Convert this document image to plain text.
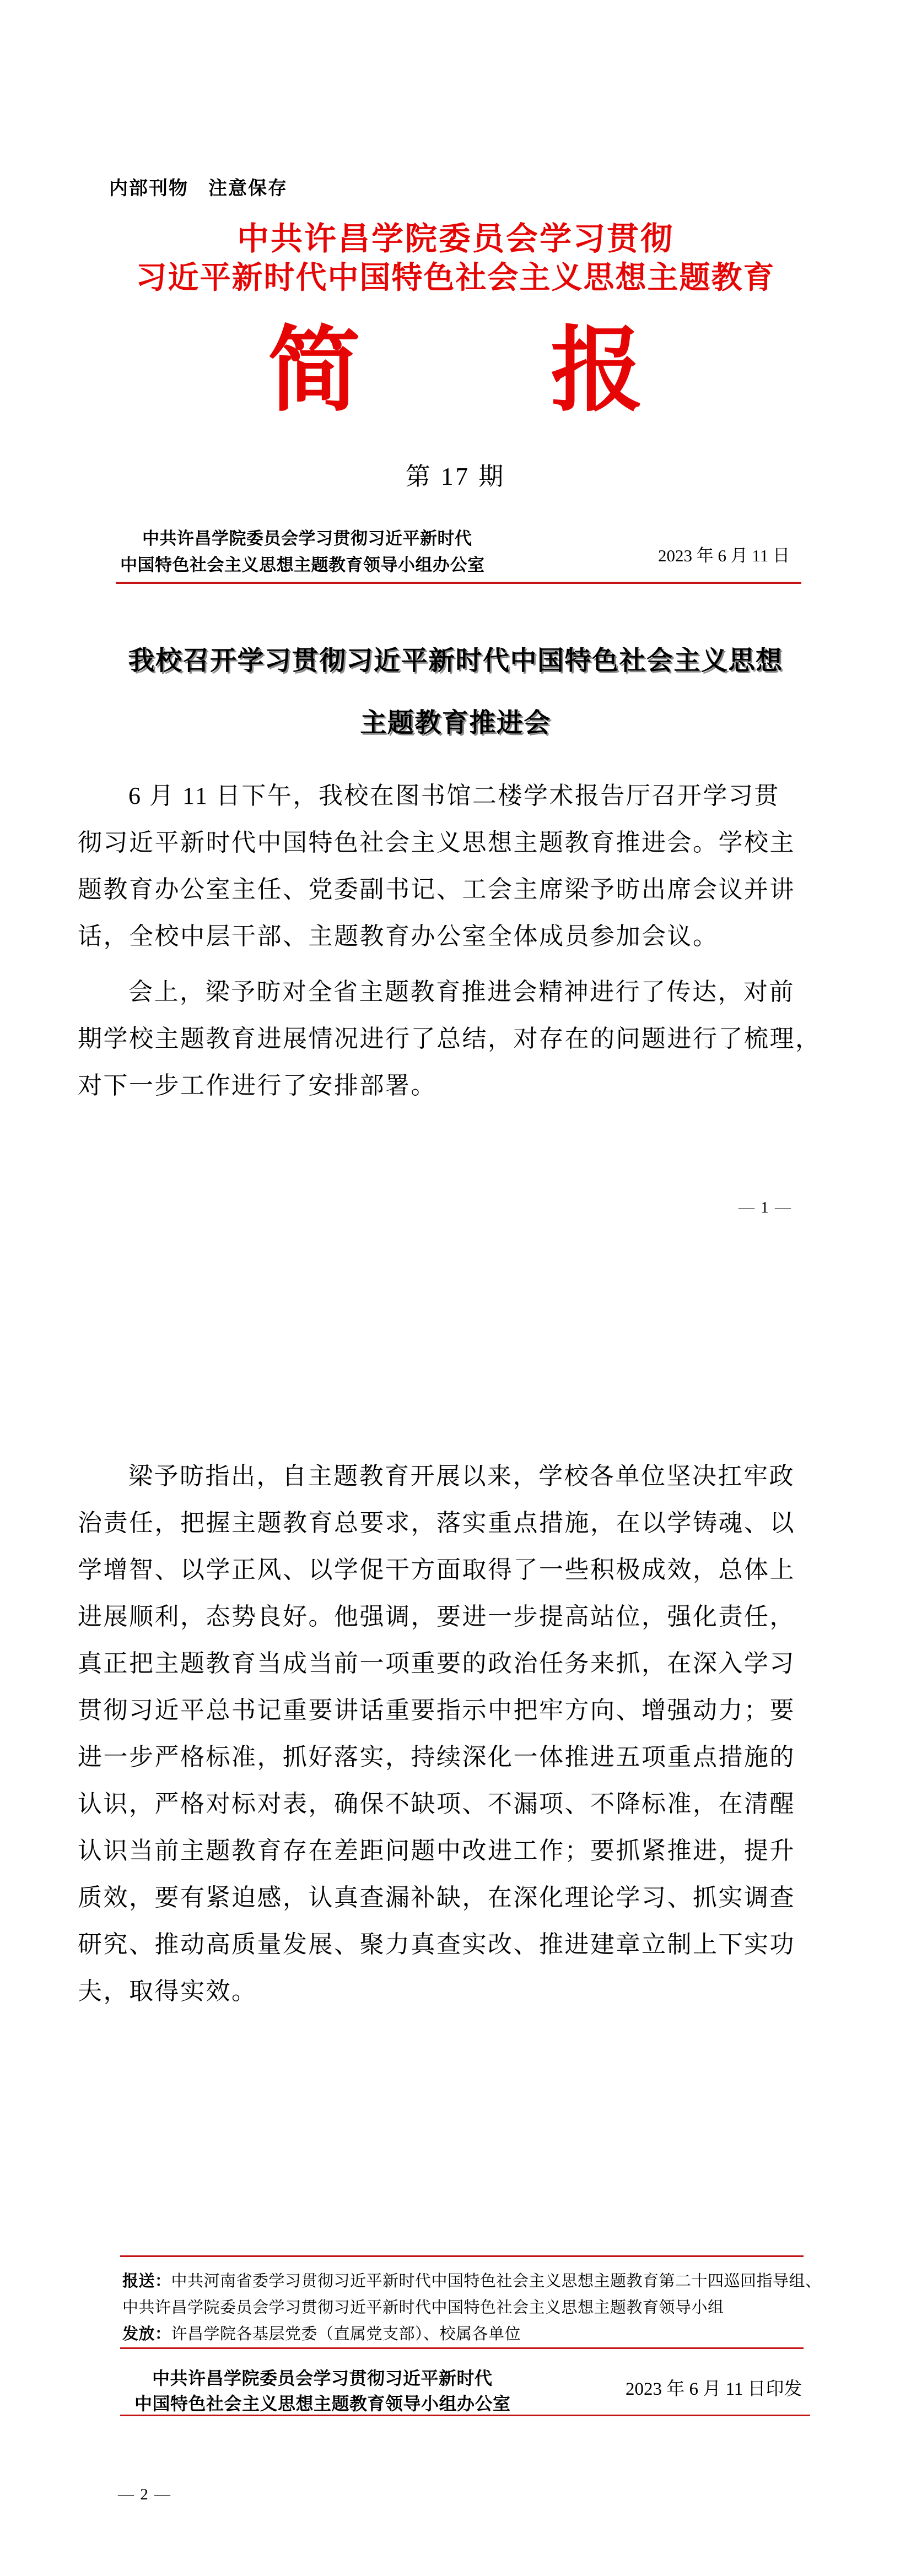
内部刊物　注意保存
中共许昌学院委员会学习贯彻
习近平新时代中国特色社会主义思想主题教育
简 报
第 17 期
中共许昌学院委员会学习贯彻习近平新时代
中国特色社会主义思想主题教育领导小组办公室	2023 年 6 月 11 日
我校召开学习贯彻习近平新时代中国特色社会主义思想
主题教育推进会
6 月 11 日下午，我校在图书馆二楼学术报告厅召开学习贯
彻习近平新时代中国特色社会主义思想主题教育推进会。学校主
题教育办公室主任、党委副书记、工会主席梁予昉出席会议并讲
话，全校中层干部、主题教育办公室全体成员参加会议。
会上，梁予昉对全省主题教育推进会精神进行了传达，对前
期学校主题教育进展情况进行了总结，对存在的问题进行了梳理，
对下一步工作进行了安排部署。
— 1 —
梁予昉指出，自主题教育开展以来，学校各单位坚决扛牢政
治责任，把握主题教育总要求，落实重点措施，在以学铸魂、以
学增智、以学正风、以学促干方面取得了一些积极成效，总体上
进展顺利，态势良好。他强调，要进一步提高站位，强化责任，
真正把主题教育当成当前一项重要的政治任务来抓，在深入学习
贯彻习近平总书记重要讲话重要指示中把牢方向、增强动力；要
进一步严格标准，抓好落实，持续深化一体推进五项重点措施的
认识，严格对标对表，确保不缺项、不漏项、不降标准，在清醒
认识当前主题教育存在差距问题中改进工作；要抓紧推进，提升
质效，要有紧迫感，认真查漏补缺，在深化理论学习、抓实调查
研究、推动高质量发展、聚力真查实改、推进建章立制上下实功
夫，取得实效。
报送：中共河南省委学习贯彻习近平新时代中国特色社会主义思想主题教育第二十四巡回指导组、
中共许昌学院委员会学习贯彻习近平新时代中国特色社会主义思想主题教育领导小组
发放：许昌学院各基层党委（直属党支部）、校属各单位
中共许昌学院委员会学习贯彻习近平新时代
中国特色社会主义思想主题教育领导小组办公室
2023 年 6 月 11 日印发
— 2 —
